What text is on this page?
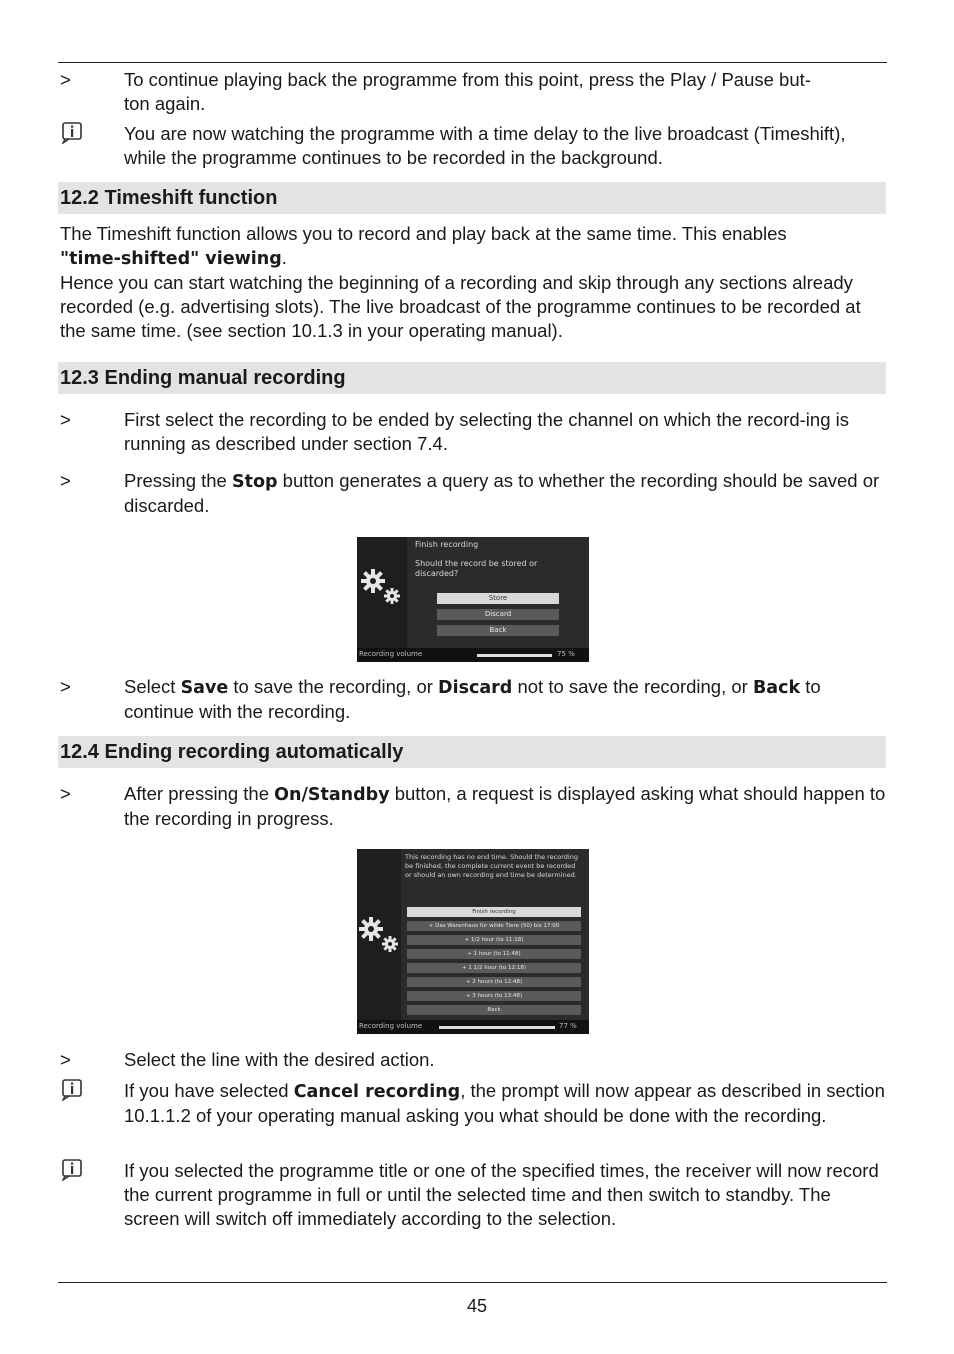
>	To continue playing back the programme from this point, press the Play / Pause but-
ton again.
You are now watching the programme with a time delay to the live broadcast (Timeshift), while the programme continues to be recorded in the background.
12.2 Timeshift function
The Timeshift function allows you to record and play back at the same time. This enables
"time-shifted" viewing.
Hence you can start watching the beginning of a recording and skip through any sections already recorded (e.g. advertising slots). The live broadcast of the programme continues to be recorded at the same time. (see section 10.1.3 in your operating manual).
12.3 Ending manual recording
>	First select the recording to be ended by selecting the channel on which the record-ing is running as described under section 7.4.
>	Pressing the Stop button generates a query as to whether the recording should be saved or discarded.
Finish recording
Should the record be stored or discarded?
Store
Discard
Back
Recording volume	75 %
>	Select Save to save the recording, or Discard not to save the recording, or Back to continue with the recording.
12.4 Ending recording automatically
>	After pressing the On/Standby button, a request is displayed asking what should happen to the recording in progress.
This recording has no end time. Should the recording be finished, the complete current event be recorded or should an own recording end time be determined.
Finish recording
+ Das Warenhaus für wilde Tiere (50) bis 17:00
+ 1/2 hour (to 11:18)
+ 1 hour (to 11:48)
+ 1 1/2 hour (to 12:18)
+ 2 hours (to 12:48)
+ 3 hours (to 13:48)
Back
Recording volume	77 %
>	Select the line with the desired action.
If you have selected Cancel recording, the prompt will now appear as described in section 10.1.1.2 of your operating manual asking you what should be done with the recording.
If you selected the programme title or one of the specified times, the receiver will now record the current programme in full or until the selected time and then switch to standby. The screen will switch off immediately according to the selection.
45
